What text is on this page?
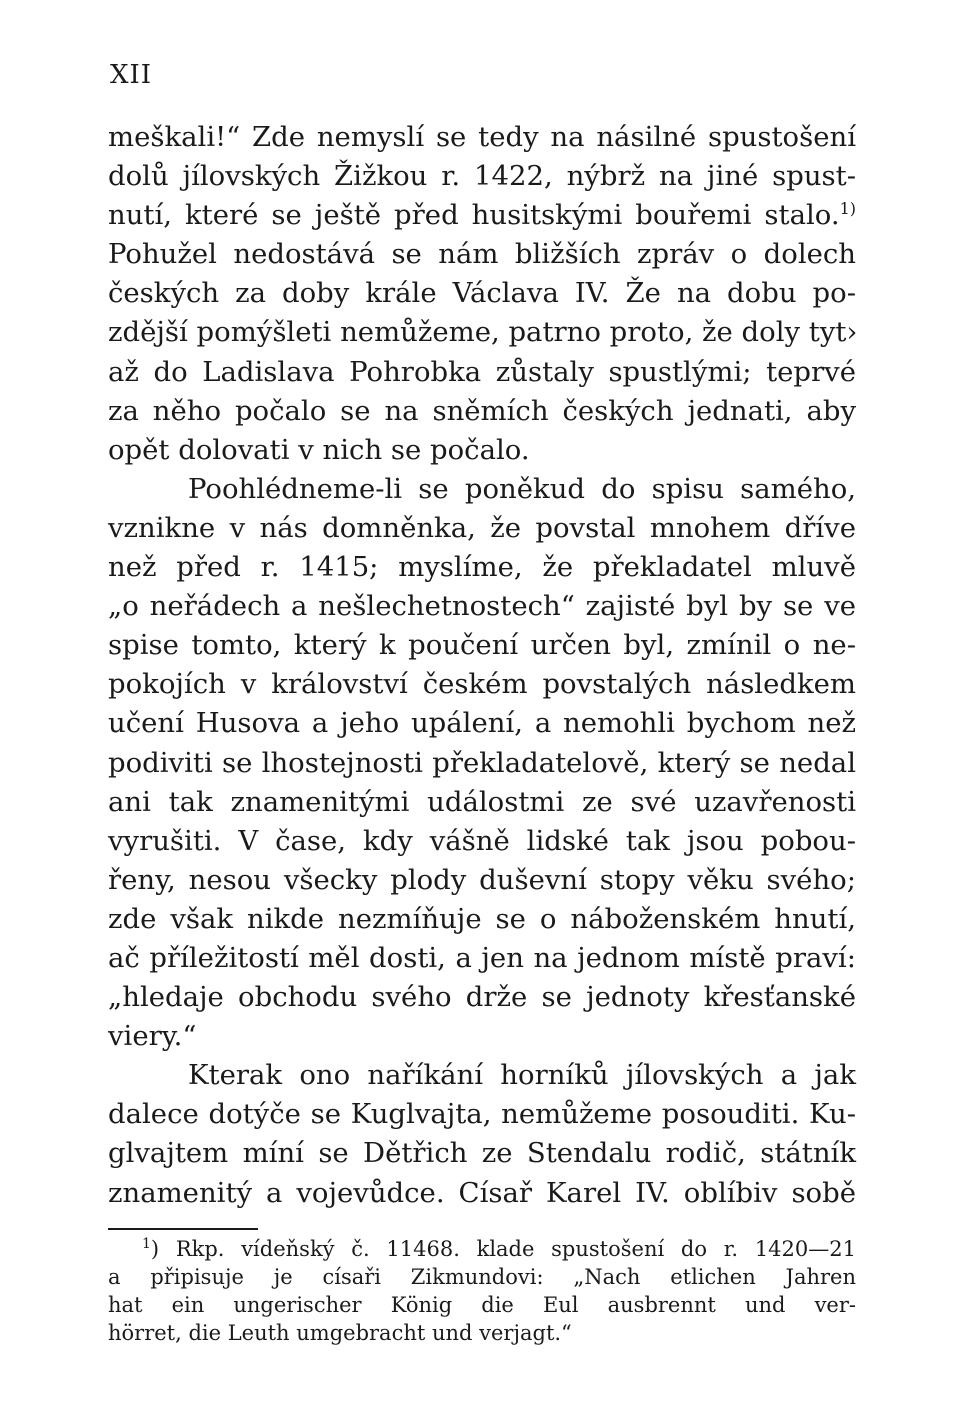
XII

meškali!“ Zde nemyslí se tedy na násilné spustošení
dolů jílovských Žižkou r. 1422, nýbrž na jiné spust-
nutí, které se ještě před husitskými bouřemi stalo.$^{1)}$
Pohužel nedostává se nám bližších zpráv o dolech
českých za doby krále Václava IV. Že na dobu po-
zdější pomýšleti nemůžeme, patrno proto, že doly tyt›
až do Ladislava Pohrobka zůstaly spustlými; teprvé
za něho počalo se na sněmích českých jednati, aby
opět dolovati v nich se počalo.
Poohlédneme-li se poněkud do spisu samého,
vznikne v nás domněnka, že povstal mnohem dříve
než před r. 1415; myslíme, že překladatel mluvě
„o neřádech a nešlechetnostech“ zajisté byl by se ve
spise tomto, který k poučení určen byl, zmínil o ne-
pokojích v království českém povstalých následkem
učení Husova a jeho upálení, a nemohli bychom než
podiviti se lhostejnosti překladatelově, který se nedal
ani tak znamenitými událostmi ze své uzavřenosti
vyrušiti. V čase, kdy vášně lidské tak jsou pobou-
řeny, nesou všecky plody duševní stopy věku svého;
zde však nikde nezmíňuje se o náboženském hnutí,
ač příležitostí měl dosti, a jen na jednom místě praví:
„hledaje obchodu svého drže se jednoty křesťanské
viery.“
Kterak ono naříkání horníků jílovských a jak
dalece dotýče se Kuglvajta, nemůžeme posouditi. Ku-
glvajtem míní se Dětřich ze Stendalu rodič, státník
znamenitý a vojevůdce. Císař Karel IV. oblíbiv sobě
$^1$) Rkp. vídeňský č. 11468. klade spustošení do r. 1420—21
a připisuje je císaři Zikmundovi: „Nach etlichen Jahren
hat ein ungerischer König die Eul ausbrennt und ver-
hörret, die Leuth umgebracht und verjagt.“
